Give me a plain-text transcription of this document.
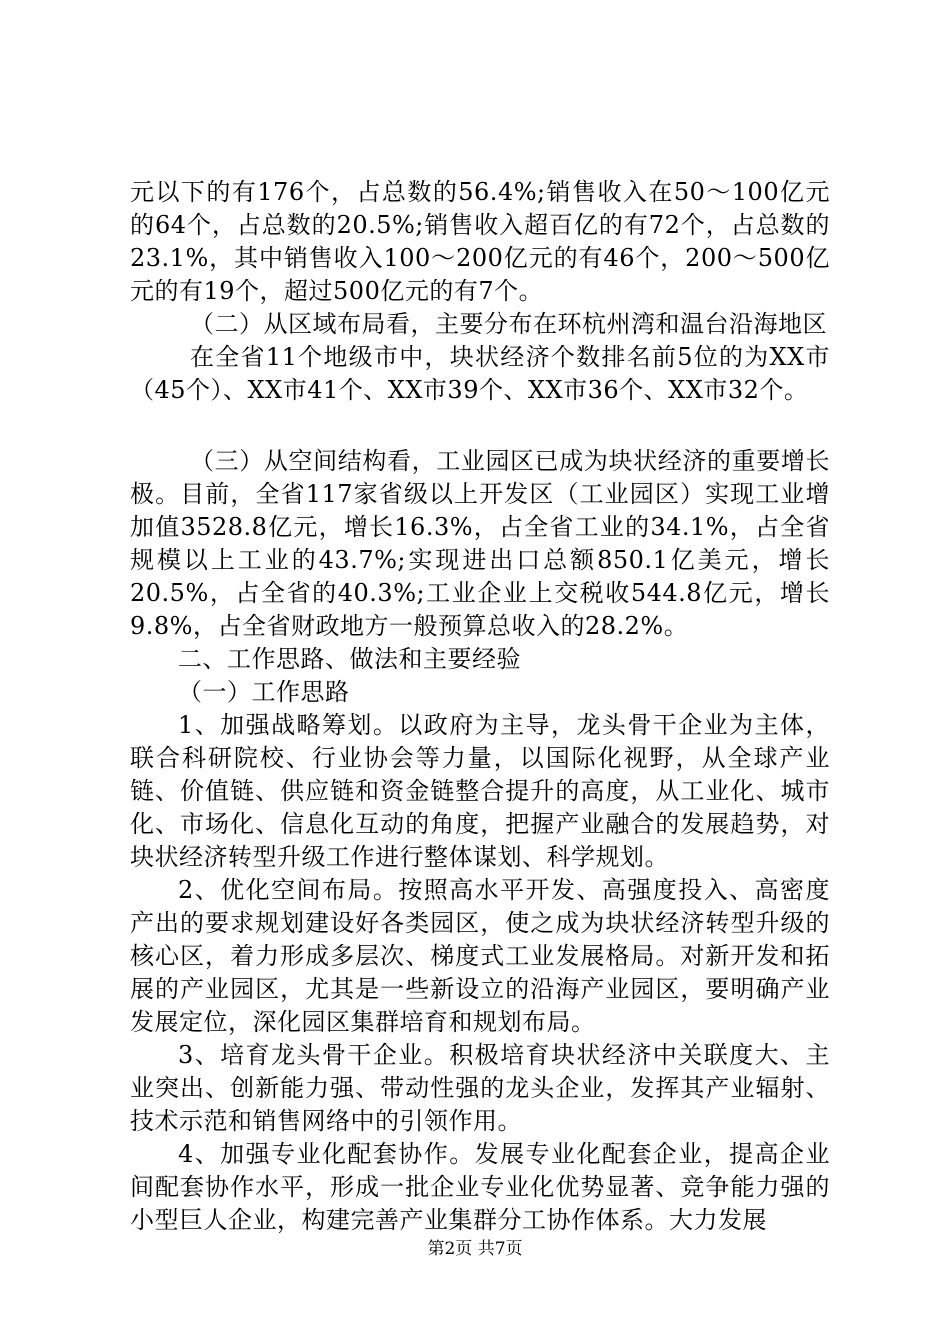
元以下的有176个，占总数的56.4%;销售收入在50～100亿元的64个，占总数的20.5%;销售收入超百亿的有72个，占总数的23.1%，其中销售收入100～200亿元的有46个，200～500亿元的有19个，超过500亿元的有7个。

（二）从区域布局看，主要分布在环杭州湾和温台沿海地区

在全省11个地级市中，块状经济个数排名前5位的为XX市（45个）、XX市41个、XX市39个、XX市36个、XX市32个。

（三）从空间结构看，工业园区已成为块状经济的重要增长极。目前，全省117家省级以上开发区（工业园区）实现工业增加值3528.8亿元，增长16.3%，占全省工业的34.1%，占全省规模以上工业的43.7%;实现进出口总额850.1亿美元，增长20.5%，占全省的40.3%;工业企业上交税收544.8亿元，增长9.8%，占全省财政地方一般预算总收入的28.2%。

二、工作思路、做法和主要经验

（一）工作思路

1、加强战略筹划。以政府为主导，龙头骨干企业为主体，联合科研院校、行业协会等力量，以国际化视野，从全球产业链、价值链、供应链和资金链整合提升的高度，从工业化、城市化、市场化、信息化互动的角度，把握产业融合的发展趋势，对块状经济转型升级工作进行整体谋划、科学规划。

2、优化空间布局。按照高水平开发、高强度投入、高密度产出的要求规划建设好各类园区，使之成为块状经济转型升级的核心区，着力形成多层次、梯度式工业发展格局。对新开发和拓展的产业园区，尤其是一些新设立的沿海产业园区，要明确产业发展定位，深化园区集群培育和规划布局。

3、培育龙头骨干企业。积极培育块状经济中关联度大、主业突出、创新能力强、带动性强的龙头企业，发挥其产业辐射、技术示范和销售网络中的引领作用。

4、加强专业化配套协作。发展专业化配套企业，提高企业间配套协作水平，形成一批企业专业化优势显著、竞争能力强的小型巨人企业，构建完善产业集群分工协作体系。大力发展

第2页 共7页
